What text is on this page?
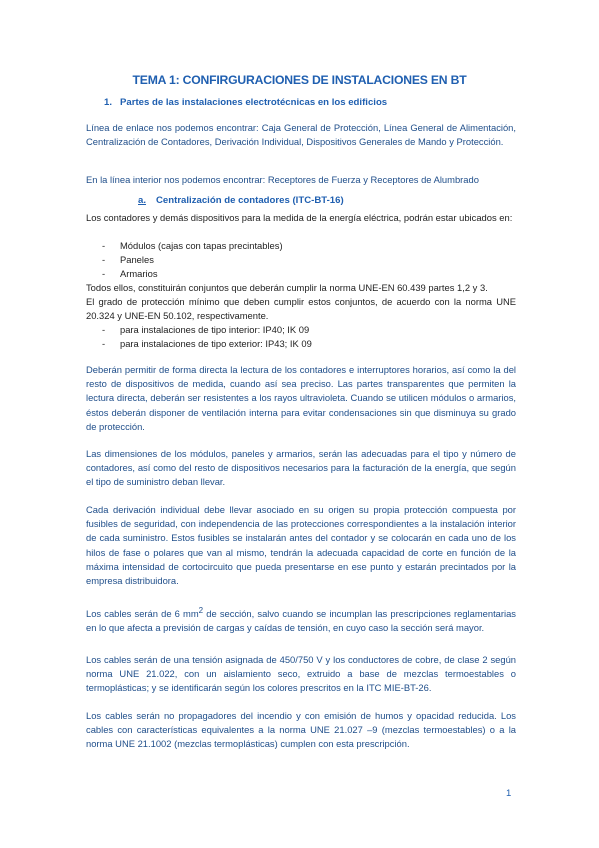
TEMA 1: CONFIRGURACIONES DE INSTALACIONES EN BT
1. Partes de las instalaciones electrotécnicas en los edificios

Línea de enlace nos podemos encontrar: Caja General de Protección, Línea General de Alimentación, Centralización de Contadores, Derivación Individual, Dispositivos Generales de Mando y Protección.

En la línea interior nos podemos encontrar: Receptores de Fuerza y Receptores de Alumbrado

a. Centralización de contadores (ITC-BT-16)

Los contadores y demás dispositivos para la medida de la energía eléctrica, podrán estar ubicados en:

- Módulos (cajas con tapas precintables)
- Paneles
- Armarios

Todos ellos, constituirán conjuntos que deberán cumplir la norma UNE-EN 60.439 partes 1,2 y 3.

El grado de protección mínimo que deben cumplir estos conjuntos, de acuerdo con la norma UNE 20.324 y UNE-EN 50.102, respectivamente.

- para instalaciones de tipo interior: IP40; IK 09
- para instalaciones de tipo exterior: IP43; IK 09

Deberán permitir de forma directa la lectura de los contadores e interruptores horarios, así como la del resto de dispositivos de medida, cuando así sea preciso. Las partes transparentes que permiten la lectura directa, deberán ser resistentes a los rayos ultravioleta. Cuando se utilicen módulos o armarios, éstos deberán disponer de ventilación interna para evitar condensaciones sin que disminuya su grado de protección.

Las dimensiones de los módulos, paneles y armarios, serán las adecuadas para el tipo y número de contadores, así como del resto de dispositivos necesarios para la facturación de la energía, que según el tipo de suministro deban llevar.

Cada derivación individual debe llevar asociado en su origen su propia protección compuesta por fusibles de seguridad, con independencia de las protecciones correspondientes a la instalación interior de cada suministro. Estos fusibles se instalarán antes del contador y se colocarán en cada uno de los hilos de fase o polares que van al mismo, tendrán la adecuada capacidad de corte en función de la máxima intensidad de cortocircuito que pueda presentarse en ese punto y estarán precintados por la empresa distribuidora.

Los cables serán de 6 $mm^2$ de sección, salvo cuando se incumplan las prescripciones reglamentarias en lo que afecta a previsión de cargas y caídas de tensión, en cuyo caso la sección será mayor.

Los cables serán de una tensión asignada de 450/750 V y los conductores de cobre, de clase 2 según norma UNE 21.022, con un aislamiento seco, extruido a base de mezclas termoestables o termoplásticas; y se identificarán según los colores prescritos en la ITC MIE-BT-26.

Los cables serán no propagadores del incendio y con emisión de humos y opacidad reducida. Los cables con características equivalentes a la norma UNE 21.027 –9 (mezclas termoestables) o a la norma UNE 21.1002 (mezclas termoplásticas) cumplen con esta prescripción.

1
